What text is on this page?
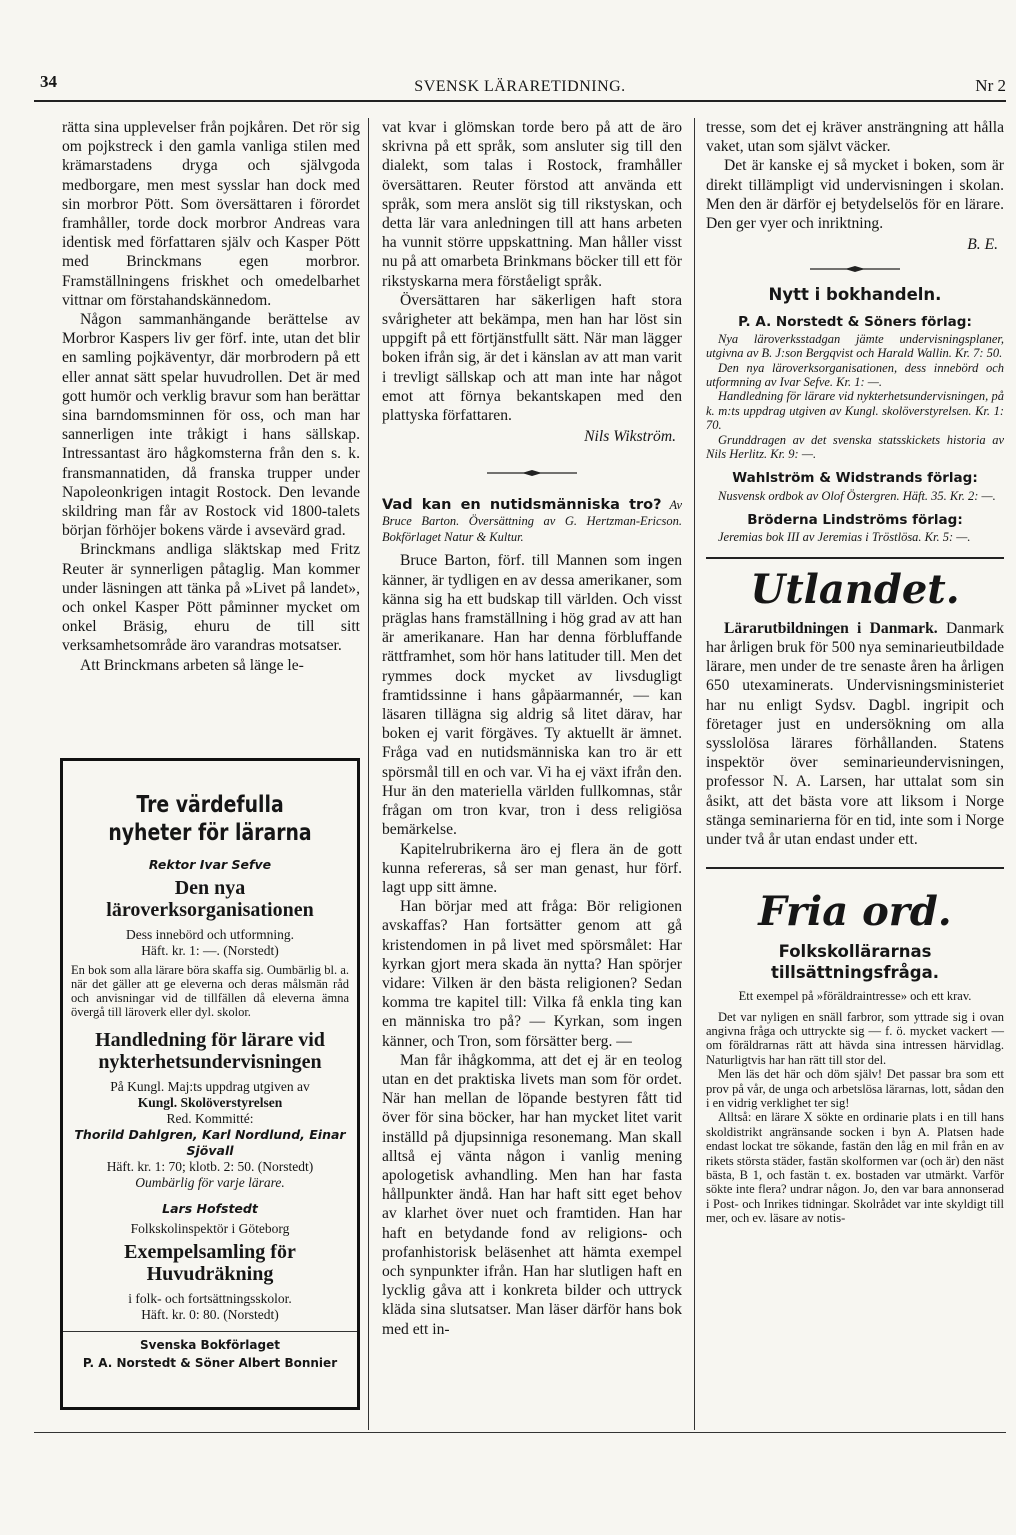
34	SVENSK LÄRARETIDNING.	Nr 2

rätta sina upplevelser från pojkåren. Det rör sig om pojkstreck i den gamla vanliga stilen med krämarstadens dryga och självgoda medborgare, men mest sysslar han dock med sin morbror Pött. Som översättaren i förordet framhåller, torde dock morbror Andreas vara identisk med författaren själv och Kasper Pött med Brinckmans egen morbror. Framställningens friskhet och omedelbarhet vittnar om förstahandskännedom.

Någon sammanhängande berättelse av Morbror Kaspers liv ger förf. inte, utan det blir en samling pojkäventyr, där morbrodern på ett eller annat sätt spelar huvudrollen. Det är med gott humör och verklig bravur som han berättar sina barndomsminnen för oss, och man har sannerligen inte tråkigt i hans sällskap. Intressantast äro hågkomsterna från den s. k. fransmannatiden, då franska trupper under Napoleonkrigen intagit Rostock. Den levande skildring man får av Rostock vid 1800-talets början förhöjer bokens värde i avsevärd grad.

Brinckmans andliga släktskap med Fritz Reuter är synnerligen påtaglig. Man kommer under läsningen att tänka på »Livet på landet», och onkel Kasper Pött påminner mycket om onkel Bräsig, ehuru de till sitt verksamhetsområde äro varandras motsatser.

Att Brinckmans arbeten så länge le-

Tre värdefulla nyheter för lärarna
Rektor Ivar Sefve
Den nya läroverksorganisationen
Dess innebörd och utformning.
Häft. kr. 1: —. (Norstedt)
En bok som alla lärare böra skaffa sig. Oumbärlig bl. a. när det gäller att ge eleverna och deras målsmän råd och anvisningar vid de tillfällen då eleverna ämna övergå till läroverk eller dyl. skolor.
Handledning för lärare vid nykterhetsundervisningen
På Kungl. Maj:ts uppdrag utgiven av
Kungl. Skolöverstyrelsen
Red. Kommitté:
Thorild Dahlgren, Karl Nordlund, Einar Sjövall
Häft. kr. 1: 70; klotb. 2: 50. (Norstedt)
Oumbärlig för varje lärare.
Lars Hofstedt
Folkskolinspektör i Göteborg
Exempelsamling för Huvudräkning
i folk- och fortsättningsskolor.
Häft. kr. 0: 80. (Norstedt)
Svenska Bokförlaget
P. A. Norstedt & Söner Albert Bonnier

vat kvar i glömskan torde bero på att de äro skrivna på ett språk, som ansluter sig till den dialekt, som talas i Rostock, framhåller översättaren. Reuter förstod att använda ett språk, som mera anslöt sig till rikstyskan, och detta lär vara anledningen till att hans arbeten ha vunnit större uppskattning. Man håller visst nu på att omarbeta Brinkmans böcker till ett för rikstyskarna mera förståeligt språk.

Översättaren har säkerligen haft stora svårigheter att bekämpa, men han har löst sin uppgift på ett förtjänstfullt sätt. När man lägger boken ifrån sig, är det i känslan av att man varit i trevligt sällskap och att man inte har något emot att förnya bekantskapen med den plattyska författaren.

Nils Wikström.
Vad kan en nutidsmänniska tro? Av Bruce Barton. Översättning av G. Hertzman-Ericson. Bokförlaget Natur & Kultur.

Bruce Barton, förf. till Mannen som ingen känner, är tydligen en av dessa amerikaner, som känna sig ha ett budskap till världen. Och visst präglas hans framställning i hög grad av att han är amerikanare. Han har denna förbluffande rättframhet, som hör hans latituder till. Men det rymmes dock mycket av livsdugligt framtidssinne i hans gåpäarmannér, — kan läsaren tillägna sig aldrig så litet därav, har boken ej varit förgäves. Ty aktuellt är ämnet. Fråga vad en nutidsmänniska kan tro är ett spörsmål till en och var. Vi ha ej växt ifrån den. Hur än den materiella världen fullkomnas, står frågan om tron kvar, tron i dess religiösa bemärkelse.

Kapitelrubrikerna äro ej flera än de gott kunna refereras, så ser man genast, hur förf. lagt upp sitt ämne.

Han börjar med att fråga: Bör religionen avskaffas? Han fortsätter genom att gå kristendomen in på livet med spörsmålet: Har kyrkan gjort mera skada än nytta? Han spörjer vidare: Vilken är den bästa religionen? Sedan komma tre kapitel till: Vilka få enkla ting kan en människa tro på? — Kyrkan, som ingen känner, och Tron, som försätter berg. —

Man får ihågkomma, att det ej är en teolog utan en det praktiska livets man som för ordet. När han mellan de löpande bestyren fått tid över för sina böcker, har han mycket litet varit inställd på djupsinniga resonemang. Man skall alltså ej vänta någon i vanlig mening apologetisk avhandling. Men han har fasta hållpunkter ändå. Han har haft sitt eget behov av klarhet över nuet och framtiden. Han har haft en betydande fond av religions- och profanhistorisk beläsenhet att hämta exempel och synpunkter ifrån. Han har slutligen haft en lycklig gåva att i konkreta bilder och uttryck kläda sina slutsatser. Man läser därför hans bok med ett in-

tresse, som det ej kräver ansträngning att hålla vaket, utan som självt väcker.

Det är kanske ej så mycket i boken, som är direkt tillämpligt vid undervisningen i skolan. Men den är därför ej betydelselös för en lärare. Den ger vyer och inriktning.

B. E.
Nytt i bokhandeln.
P. A. Norstedt & Söners förlag:

Nya läroverksstadgan jämte undervisningsplaner, utgivna av B. J:son Bergqvist och Harald Wallin. Kr. 7: 50.

Den nya läroverksorganisationen, dess innebörd och utformning av Ivar Sefve. Kr. 1: —.

Handledning för lärare vid nykterhetsundervisningen, på k. m:ts uppdrag utgiven av Kungl. skolöverstyrelsen. Kr. 1: 70.

Grunddragen av det svenska statsskickets historia av Nils Herlitz. Kr. 9: —.

Wahlström & Widstrands förlag:

Nusvensk ordbok av Olof Östergren. Häft. 35. Kr. 2: —.

Bröderna Lindströms förlag:

Jeremias bok III av Jeremias i Tröstlösa. Kr. 5: —.

Utlandet.

Lärarutbildningen i Danmark. Danmark har årligen bruk för 500 nya seminarieutbildade lärare, men under de tre senaste åren ha årligen 650 utexaminerats. Undervisningsministeriet har nu enligt Sydsv. Dagbl. ingripit och företager just en undersökning om alla sysslolösa lärares förhållanden. Statens inspektör över seminarieundervisningen, professor N. A. Larsen, har uttalat som sin åsikt, att det bästa vore att liksom i Norge stänga seminarierna för en tid, inte som i Norge under två år utan endast under ett.

Fria ord.
Folkskollärarnas tillsättningsfråga.
Ett exempel på »föräldraintresse» och ett krav.

Det var nyligen en snäll farbror, som yttrade sig i ovan angivna fråga och uttryckte sig — f. ö. mycket vackert — om föräldrarnas rätt att hävda sina intressen härvidlag. Naturligtvis har han rätt till stor del.

Men läs det här och döm själv! Det passar bra som ett prov på vår, de unga och arbetslösa lärarnas, lott, sådan den i en vidrig verklighet ter sig!

Alltså: en lärare X sökte en ordinarie plats i en till hans skoldistrikt angränsande socken i byn A. Platsen hade endast lockat tre sökande, fastän den låg en mil från en av rikets största städer, fastän skolformen var (och är) den näst bästa, B 1, och fastän t. ex. bostaden var utmärkt. Varför sökte inte flera? undrar någon. Jo, den var bara annonserad i Post- och Inrikes tidningar. Skolrådet var inte skyldigt till mer, och ev. läsare av notis-
